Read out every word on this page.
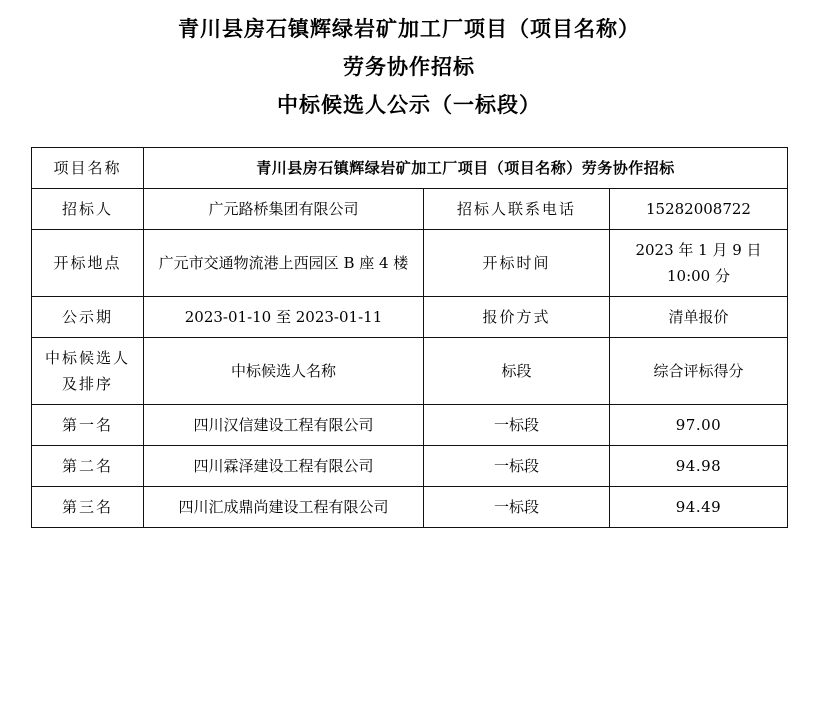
青川县房石镇辉绿岩矿加工厂项目（项目名称）
劳务协作招标
中标候选人公示（一标段）
项目名称	青川县房石镇辉绿岩矿加工厂项目（项目名称）劳务协作招标		
招标人	广元路桥集团有限公司	招标人联系电话	15282008722
开标地点	广元市交通物流港上西园区 B 座 4 楼	开标时间	2023 年 1 月 9 日 10:00 分
公示期	2023-01-10 至 2023-01-11	报价方式	清单报价
中标候选人及排序	中标候选人名称	标段	综合评标得分
第一名	四川汉信建设工程有限公司	一标段	97.00
第二名	四川霖泽建设工程有限公司	一标段	94.98
第三名	四川汇成鼎尚建设工程有限公司	一标段	94.49
